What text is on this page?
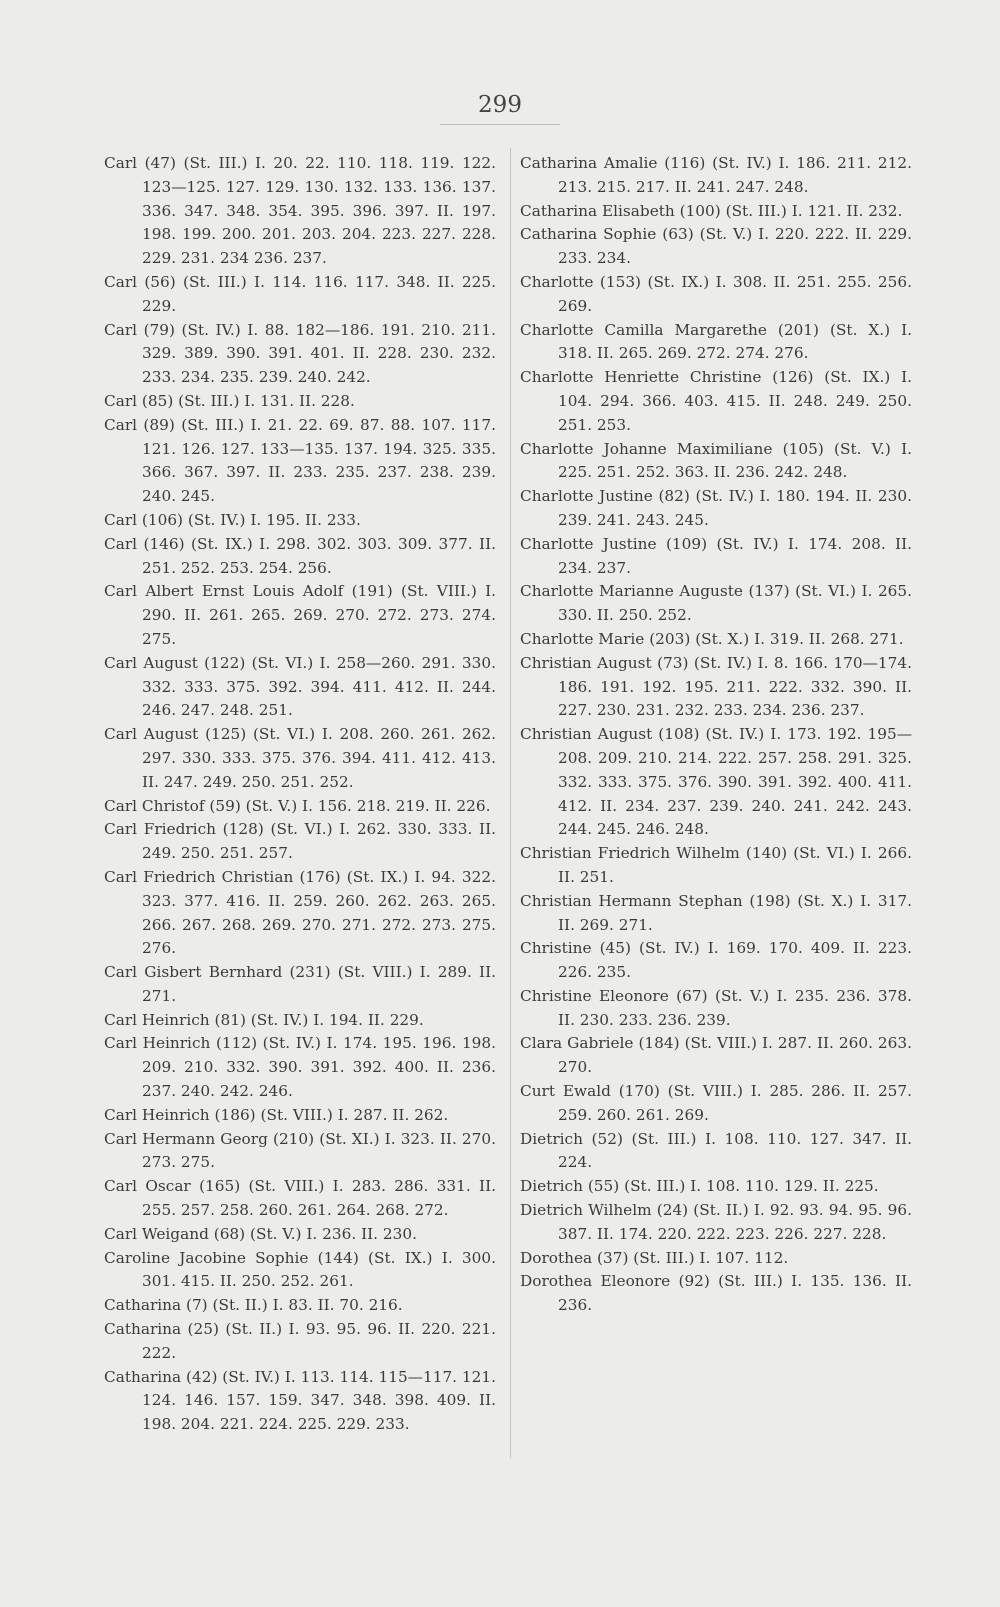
299

Carl (47) (St. III.) I. 20. 22. 110. 118. 119. 122. 123—125. 127. 129. 130. 132. 133. 136. 137. 336. 347. 348. 354. 395. 396. 397. II. 197. 198. 199. 200. 201. 203. 204. 223. 227. 228. 229. 231. 234 236. 237.

Carl (56) (St. III.) I. 114. 116. 117. 348. II. 225. 229.

Carl (79) (St. IV.) I. 88. 182—186. 191. 210. 211. 329. 389. 390. 391. 401. II. 228. 230. 232. 233. 234. 235. 239. 240. 242.

Carl (85) (St. III.) I. 131. II. 228.

Carl (89) (St. III.) I. 21. 22. 69. 87. 88. 107. 117. 121. 126. 127. 133—135. 137. 194. 325. 335. 366. 367. 397. II. 233. 235. 237. 238. 239. 240. 245.

Carl (106) (St. IV.) I. 195. II. 233.

Carl (146) (St. IX.) I. 298. 302. 303. 309. 377. II. 251. 252. 253. 254. 256.

Carl Albert Ernst Louis Adolf (191) (St. VIII.) I. 290. II. 261. 265. 269. 270. 272. 273. 274. 275.

Carl August (122) (St. VI.) I. 258—260. 291. 330. 332. 333. 375. 392. 394. 411. 412. II. 244. 246. 247. 248. 251.

Carl August (125) (St. VI.) I. 208. 260. 261. 262. 297. 330. 333. 375. 376. 394. 411. 412. 413. II. 247. 249. 250. 251. 252.

Carl Christof (59) (St. V.) I. 156. 218. 219. II. 226.

Carl Friedrich (128) (St. VI.) I. 262. 330. 333. II. 249. 250. 251. 257.

Carl Friedrich Christian (176) (St. IX.) I. 94. 322. 323. 377. 416. II. 259. 260. 262. 263. 265. 266. 267. 268. 269. 270. 271. 272. 273. 275. 276.

Carl Gisbert Bernhard (231) (St. VIII.) I. 289. II. 271.

Carl Heinrich (81) (St. IV.) I. 194. II. 229.

Carl Heinrich (112) (St. IV.) I. 174. 195. 196. 198. 209. 210. 332. 390. 391. 392. 400. II. 236. 237. 240. 242. 246.

Carl Heinrich (186) (St. VIII.) I. 287. II. 262.

Carl Hermann Georg (210) (St. XI.) I. 323. II. 270. 273. 275.

Carl Oscar (165) (St. VIII.) I. 283. 286. 331. II. 255. 257. 258. 260. 261. 264. 268. 272.

Carl Weigand (68) (St. V.) I. 236. II. 230.

Caroline Jacobine Sophie (144) (St. IX.) I. 300. 301. 415. II. 250. 252. 261.

Catharina (7) (St. II.) I. 83. II. 70. 216.

Catharina (25) (St. II.) I. 93. 95. 96. II. 220. 221. 222.

Catharina (42) (St. IV.) I. 113. 114. 115—117. 121. 124. 146. 157. 159. 347. 348. 398. 409. II. 198. 204. 221. 224. 225. 229. 233.

Catharina Amalie (116) (St. IV.) I. 186. 211. 212. 213. 215. 217. II. 241. 247. 248.

Catharina Elisabeth (100) (St. III.) I. 121. II. 232.

Catharina Sophie (63) (St. V.) I. 220. 222. II. 229. 233. 234.

Charlotte (153) (St. IX.) I. 308. II. 251. 255. 256. 269.

Charlotte Camilla Margarethe (201) (St. X.) I. 318. II. 265. 269. 272. 274. 276.

Charlotte Henriette Christine (126) (St. IX.) I. 104. 294. 366. 403. 415. II. 248. 249. 250. 251. 253.

Charlotte Johanne Maximiliane (105) (St. V.) I. 225. 251. 252. 363. II. 236. 242. 248.

Charlotte Justine (82) (St. IV.) I. 180. 194. II. 230. 239. 241. 243. 245.

Charlotte Justine (109) (St. IV.) I. 174. 208. II. 234. 237.

Charlotte Marianne Auguste (137) (St. VI.) I. 265. 330. II. 250. 252.

Charlotte Marie (203) (St. X.) I. 319. II. 268. 271.

Christian August (73) (St. IV.) I. 8. 166. 170—174. 186. 191. 192. 195. 211. 222. 332. 390. II. 227. 230. 231. 232. 233. 234. 236. 237.

Christian August (108) (St. IV.) I. 173. 192. 195—208. 209. 210. 214. 222. 257. 258. 291. 325. 332. 333. 375. 376. 390. 391. 392. 400. 411. 412. II. 234. 237. 239. 240. 241. 242. 243. 244. 245. 246. 248.

Christian Friedrich Wilhelm (140) (St. VI.) I. 266. II. 251.

Christian Hermann Stephan (198) (St. X.) I. 317. II. 269. 271.

Christine (45) (St. IV.) I. 169. 170. 409. II. 223. 226. 235.

Christine Eleonore (67) (St. V.) I. 235. 236. 378. II. 230. 233. 236. 239.

Clara Gabriele (184) (St. VIII.) I. 287. II. 260. 263. 270.

Curt Ewald (170) (St. VIII.) I. 285. 286. II. 257. 259. 260. 261. 269.

Dietrich (52) (St. III.) I. 108. 110. 127. 347. II. 224.

Dietrich (55) (St. III.) I. 108. 110. 129. II. 225.

Dietrich Wilhelm (24) (St. II.) I. 92. 93. 94. 95. 96. 387. II. 174. 220. 222. 223. 226. 227. 228.

Dorothea (37) (St. III.) I. 107. 112.

Dorothea Eleonore (92) (St. III.) I. 135. 136. II. 236.
